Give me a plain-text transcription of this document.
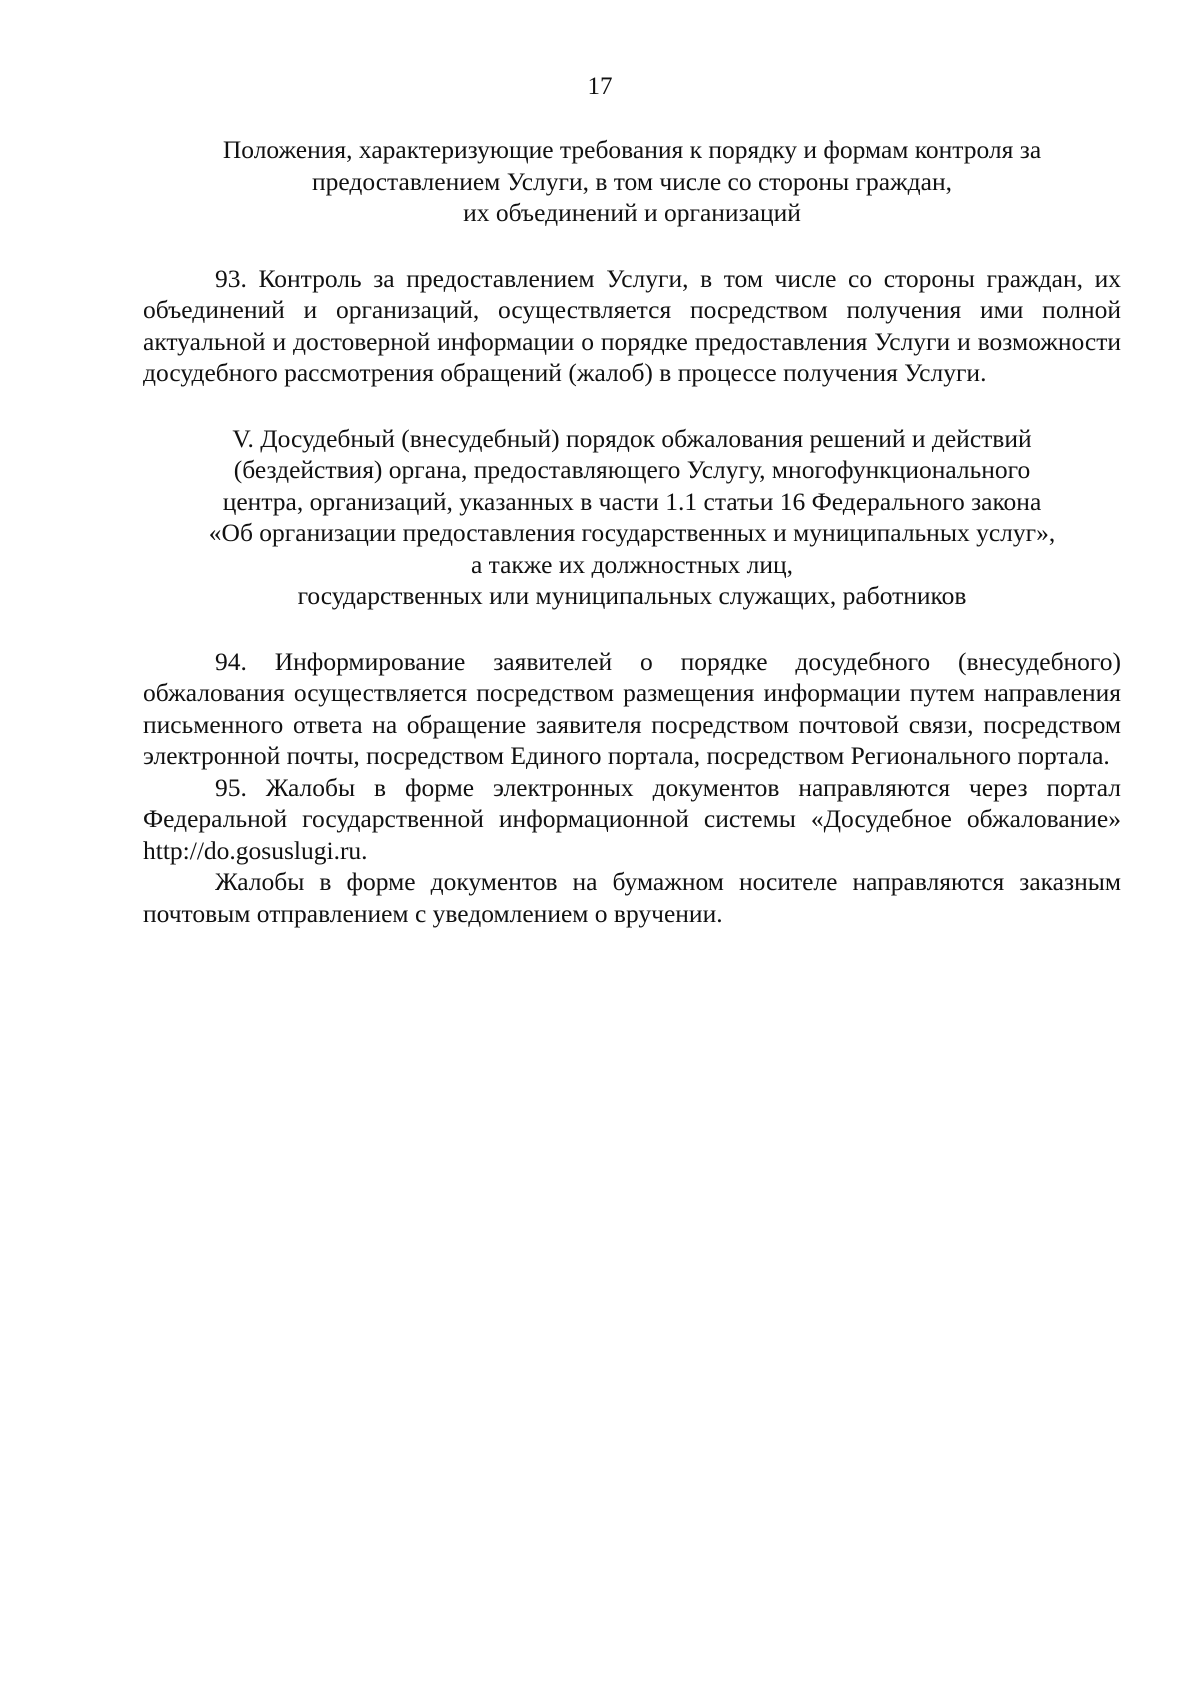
17
Положения, характеризующие требования к порядку и формам контроля за
предоставлением Услуги, в том числе со стороны граждан,
их объединений и организаций

93. Контроль за предоставлением Услуги, в том числе со стороны граждан, их объединений и организаций, осуществляется посредством получения ими полной актуальной и достоверной информации о порядке предоставления Услуги и возможности досудебного рассмотрения обращений (жалоб) в процессе получения Услуги.

V. Досудебный (внесудебный) порядок обжалования решений и действий
(бездействия) органа, предоставляющего Услугу, многофункционального
центра, организаций, указанных в части 1.1 статьи 16 Федерального закона
«Об организации предоставления государственных и муниципальных услуг»,
а также их должностных лиц,
государственных или муниципальных служащих, работников

94. Информирование заявителей о порядке досудебного (внесудебного) обжалования осуществляется посредством размещения информации путем направления письменного ответа на обращение заявителя посредством почтовой связи, посредством электронной почты, посредством Единого портала, посредством Регионального портала.

95. Жалобы в форме электронных документов направляются через портал Федеральной государственной информационной системы «Досудебное обжалование» http://do.gosuslugi.ru.

Жалобы в форме документов на бумажном носителе направляются заказным почтовым отправлением с уведомлением о вручении.
